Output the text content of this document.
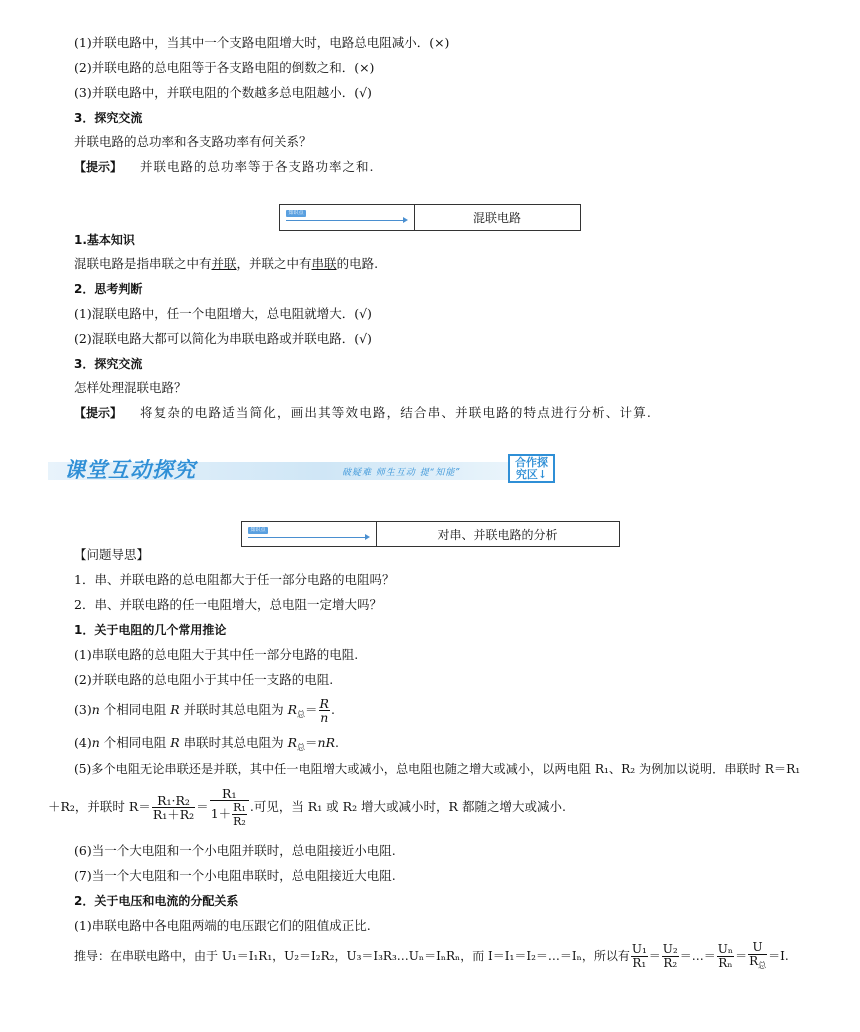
(1)并联电路中，当其中一个支路电阻增大时，电路总电阻减小．(×)
(2)并联电路的总电阻等于各支路电阻的倒数之和．(×)
(3)并联电路中，并联电阻的个数越多总电阻越小．(√)
3．探究交流
并联电路的总功率和各支路功率有何关系？
【提示】 并联电路的总功率等于各支路功率之和.
知识点	混联电路
1.基本知识
混联电路是指串联之中有并联，并联之中有串联的电路.
2．思考判断
(1)混联电路中，任一个电阻增大，总电阻就增大．(√)
(2)混联电路大都可以简化为串联电路或并联电路．(√)
3．探究交流
怎样处理混联电路？
【提示】 将复杂的电路适当简化，画出其等效电路，结合串、并联电路的特点进行分析、计算.
课堂互动探究	破疑难 师生互动 提“知能”
合作探
究区↓
知识点	对串、并联电路的分析
【问题导思】
1．串、并联电路的总电阻都大于任一部分电路的电阻吗？
2．串、并联电路的任一电阻增大，总电阻一定增大吗？
1．关于电阻的几个常用推论
(1)串联电路的总电阻大于其中任一部分电路的电阻.
(2)并联电路的总电阻小于其中任一支路的电阻.
(3)n 个相同电阻 R 并联时其总电阻为 $R_总= \frac{R}{n}$ .
(4)n 个相同电阻 R 串联时其总电阻为 $R_总=nR$.
(5)多个电阻无论串联还是并联，其中任一电阻增大或减小，总电阻也随之增大或减小，以两电阻 R₁、R₂ 为例加以说明．串联时 R＝R₁
＋R₂，并联时 $R= \frac{\text{R₁·R₂}}{\text{R₁＋R₂}} = \frac{\text{R₁}}{1+ \frac{\text{R₁}}{\text{R₂}}}$ .可见，当 R₁ 或 R₂ 增大或减小时，R 都随之增大或减小.
(6)当一个大电阻和一个小电阻并联时，总电阻接近小电阻.
(7)当一个大电阻和一个小电阻串联时，总电阻接近大电阻.
2．关于电压和电流的分配关系
(1)串联电路中各电阻两端的电压跟它们的阻值成正比.
推导：在串联电路中，由于 U₁＝I₁R₁，U₂＝I₂R₂，U₃＝I₃R₃…Uₙ＝IₙRₙ，而 I＝I₁＝I₂＝…＝Iₙ，所以有 $\frac{\text{U₁}}{\text{R₁}} = \frac{\text{U₂}}{\text{R₂}}$ ＝…＝ $\frac{\text{Uₙ}}{\text{Rₙ}} = \frac{U}{R_总} =I$.
